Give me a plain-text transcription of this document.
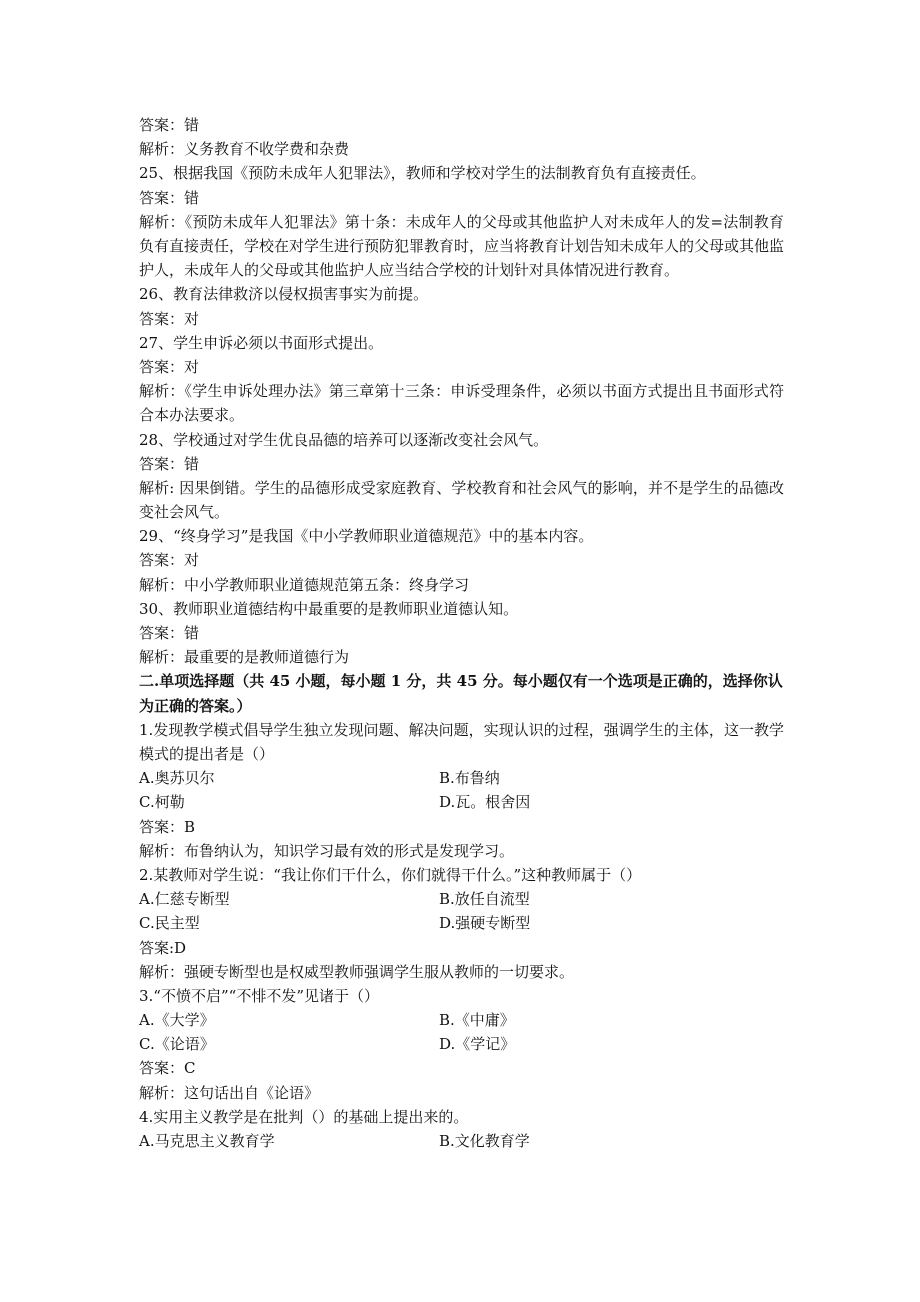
答案：错
解析：义务教育不收学费和杂费
25、根据我国《预防未成年人犯罪法》，教师和学校对学生的法制教育负有直接责任。
答案：错
解析：《预防未成年人犯罪法》第十条：未成年人的父母或其他监护人对未成年人的发=法制教育负有直接责任，学校在对学生进行预防犯罪教育时，应当将教育计划告知未成年人的父母或其他监护人，未成年人的父母或其他监护人应当结合学校的计划针对具体情况进行教育。
26、教育法律救济以侵权损害事实为前提。
答案：对
27、学生申诉必须以书面形式提出。
答案：对
解析：《学生申诉处理办法》第三章第十三条：申诉受理条件，必须以书面方式提出且书面形式符合本办法要求。
28、学校通过对学生优良品德的培养可以逐渐改变社会风气。
答案：错
解析: 因果倒错。学生的品德形成受家庭教育、学校教育和社会风气的影响，并不是学生的品德改变社会风气。
29、“终身学习”是我国《中小学教师职业道德规范》中的基本内容。
答案：对
解析：中小学教师职业道德规范第五条：终身学习
30、教师职业道德结构中最重要的是教师职业道德认知。
答案：错
解析：最重要的是教师道德行为
二.单项选择题（共 45 小题，每小题 1 分，共 45 分。每小题仅有一个选项是正确的，选择你认为正确的答案。）
1.发现教学模式倡导学生独立发现问题、解决问题，实现认识的过程，强调学生的主体，这一教学模式的提出者是（）
A.奥苏贝尔	B.布鲁纳
C.柯勒	D.瓦。根舍因
答案：B
解析：布鲁纳认为，知识学习最有效的形式是发现学习。
2.某教师对学生说：“我让你们干什么，你们就得干什么。”这种教师属于（）
A.仁慈专断型	B.放任自流型
C.民主型	D.强硬专断型
答案:D
解析：强硬专断型也是权威型教师强调学生服从教师的一切要求。
3.“不愤不启”“不悱不发”见诸于（）
A.《大学》	B.《中庸》
C.《论语》	D.《学记》
答案：C
解析：这句话出自《论语》
4.实用主义教学是在批判（）的基础上提出来的。
A.马克思主义教育学	B.文化教育学
